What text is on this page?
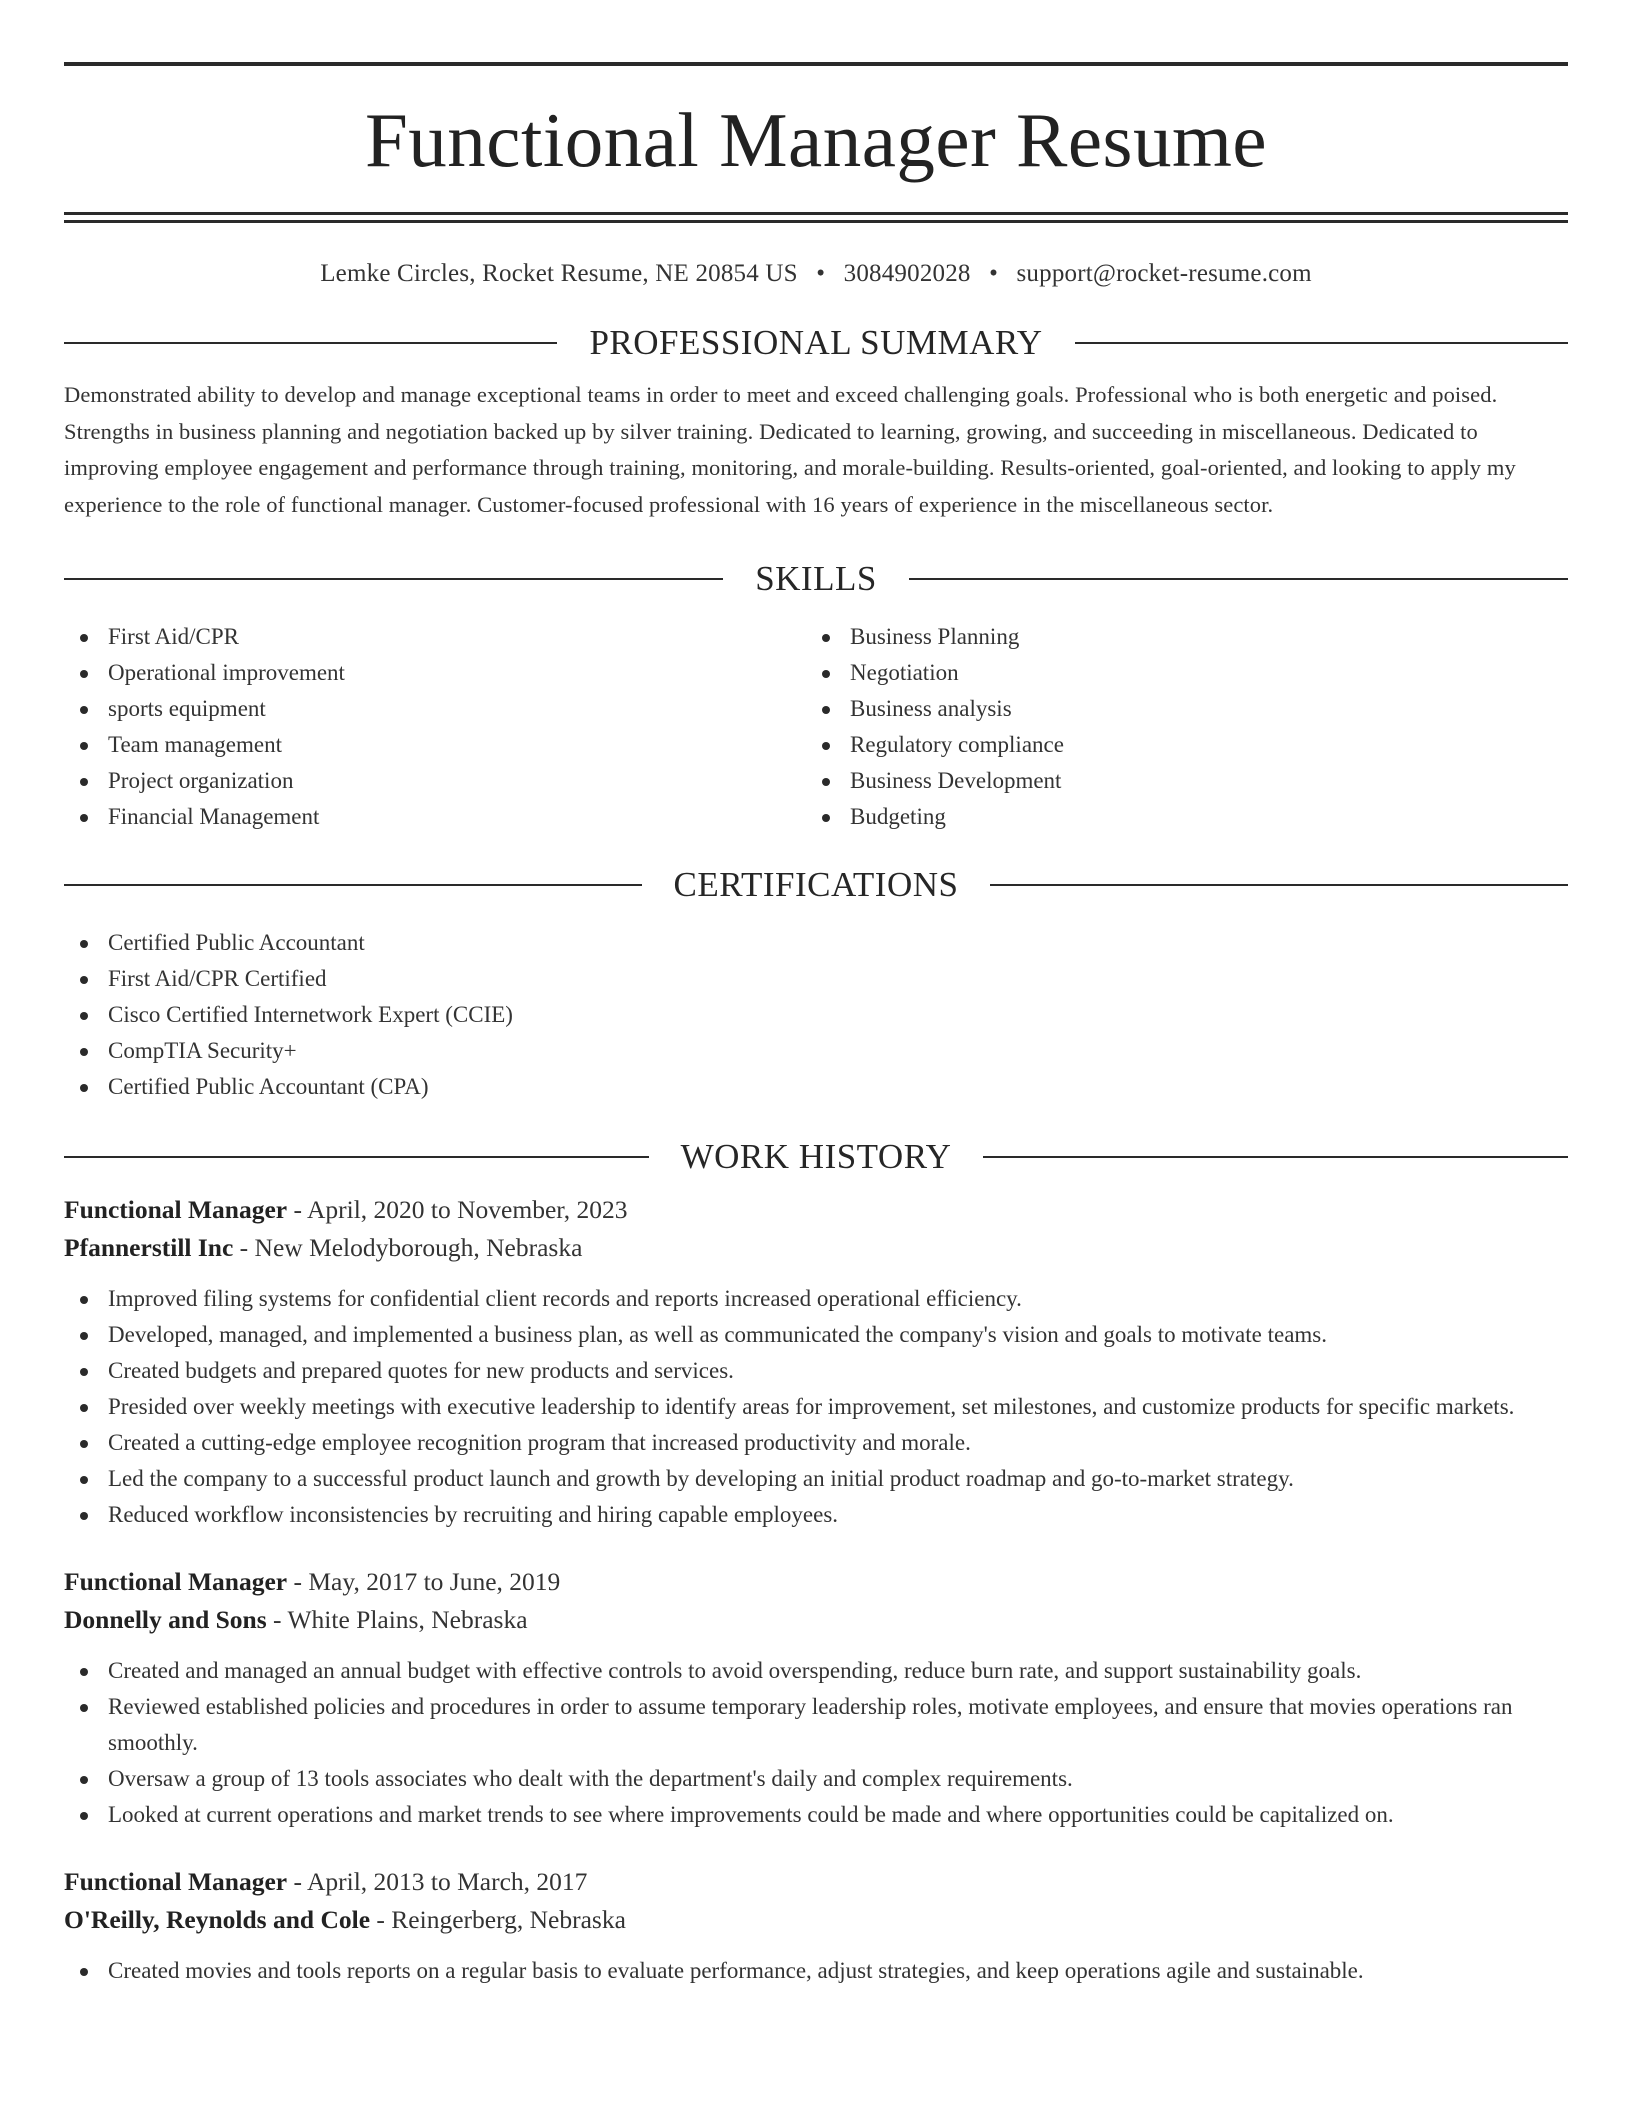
Functional Manager Resume
Lemke Circles, Rocket Resume, NE 20854 US • 3084902028 • support@rocket-resume.com
PROFESSIONAL SUMMARY
Demonstrated ability to develop and manage exceptional teams in order to meet and exceed challenging goals. Professional who is both energetic and poised. Strengths in business planning and negotiation backed up by silver training. Dedicated to learning, growing, and succeeding in miscellaneous. Dedicated to improving employee engagement and performance through training, monitoring, and morale-building. Results-oriented, goal-oriented, and looking to apply my experience to the role of functional manager. Customer-focused professional with 16 years of experience in the miscellaneous sector.
SKILLS
First Aid/CPR
Operational improvement
sports equipment
Team management
Project organization
Financial Management
Business Planning
Negotiation
Business analysis
Regulatory compliance
Business Development
Budgeting
CERTIFICATIONS
Certified Public Accountant
First Aid/CPR Certified
Cisco Certified Internetwork Expert (CCIE)
CompTIA Security+
Certified Public Accountant (CPA)
WORK HISTORY
Functional Manager - April, 2020 to November, 2023
Pfannerstill Inc - New Melodyborough, Nebraska
Improved filing systems for confidential client records and reports increased operational efficiency.
Developed, managed, and implemented a business plan, as well as communicated the company's vision and goals to motivate teams.
Created budgets and prepared quotes for new products and services.
Presided over weekly meetings with executive leadership to identify areas for improvement, set milestones, and customize products for specific markets.
Created a cutting-edge employee recognition program that increased productivity and morale.
Led the company to a successful product launch and growth by developing an initial product roadmap and go-to-market strategy.
Reduced workflow inconsistencies by recruiting and hiring capable employees.
Functional Manager - May, 2017 to June, 2019
Donnelly and Sons - White Plains, Nebraska
Created and managed an annual budget with effective controls to avoid overspending, reduce burn rate, and support sustainability goals.
Reviewed established policies and procedures in order to assume temporary leadership roles, motivate employees, and ensure that movies operations ran smoothly.
Oversaw a group of 13 tools associates who dealt with the department's daily and complex requirements.
Looked at current operations and market trends to see where improvements could be made and where opportunities could be capitalized on.
Functional Manager - April, 2013 to March, 2017
O'Reilly, Reynolds and Cole - Reingerberg, Nebraska
Created movies and tools reports on a regular basis to evaluate performance, adjust strategies, and keep operations agile and sustainable.
